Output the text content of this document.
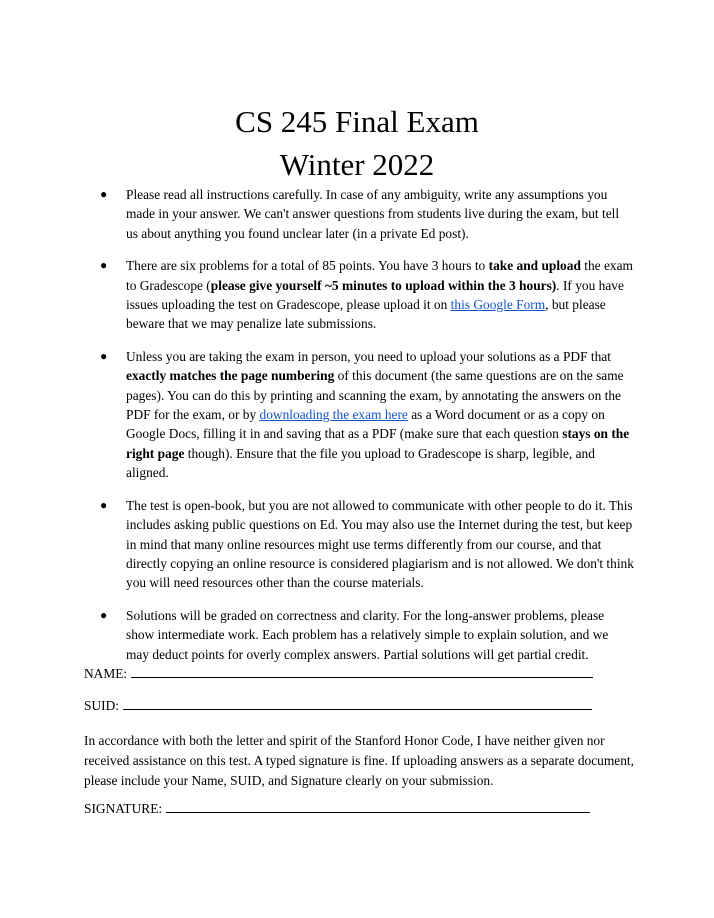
CS 245 Final Exam
Winter 2022
● Please read all instructions carefully. In case of any ambiguity, write any assumptions you made in your answer. We can't answer questions from students live during the exam, but tell us about anything you found unclear later (in a private Ed post).
● There are six problems for a total of 85 points. You have 3 hours to take and upload the exam to Gradescope (please give yourself ~5 minutes to upload within the 3 hours). If you have issues uploading the test on Gradescope, please upload it on this Google Form, but please beware that we may penalize late submissions.
● Unless you are taking the exam in person, you need to upload your solutions as a PDF that exactly matches the page numbering of this document (the same questions are on the same pages). You can do this by printing and scanning the exam, by annotating the answers on the PDF for the exam, or by downloading the exam here as a Word document or as a copy on Google Docs, filling it in and saving that as a PDF (make sure that each question stays on the right page though). Ensure that the file you upload to Gradescope is sharp, legible, and aligned.
● The test is open-book, but you are not allowed to communicate with other people to do it. This includes asking public questions on Ed. You may also use the Internet during the test, but keep in mind that many online resources might use terms differently from our course, and that directly copying an online resource is considered plagiarism and is not allowed. We don't think you will need resources other than the course materials.
● Solutions will be graded on correctness and clarity. For the long-answer problems, please show intermediate work. Each problem has a relatively simple to explain solution, and we may deduct points for overly complex answers. Partial solutions will get partial credit.
NAME:
SUID:

In accordance with both the letter and spirit of the Stanford Honor Code, I have neither given nor received assistance on this test. A typed signature is fine. If uploading answers as a separate document, please include your Name, SUID, and Signature clearly on your submission.

SIGNATURE:
